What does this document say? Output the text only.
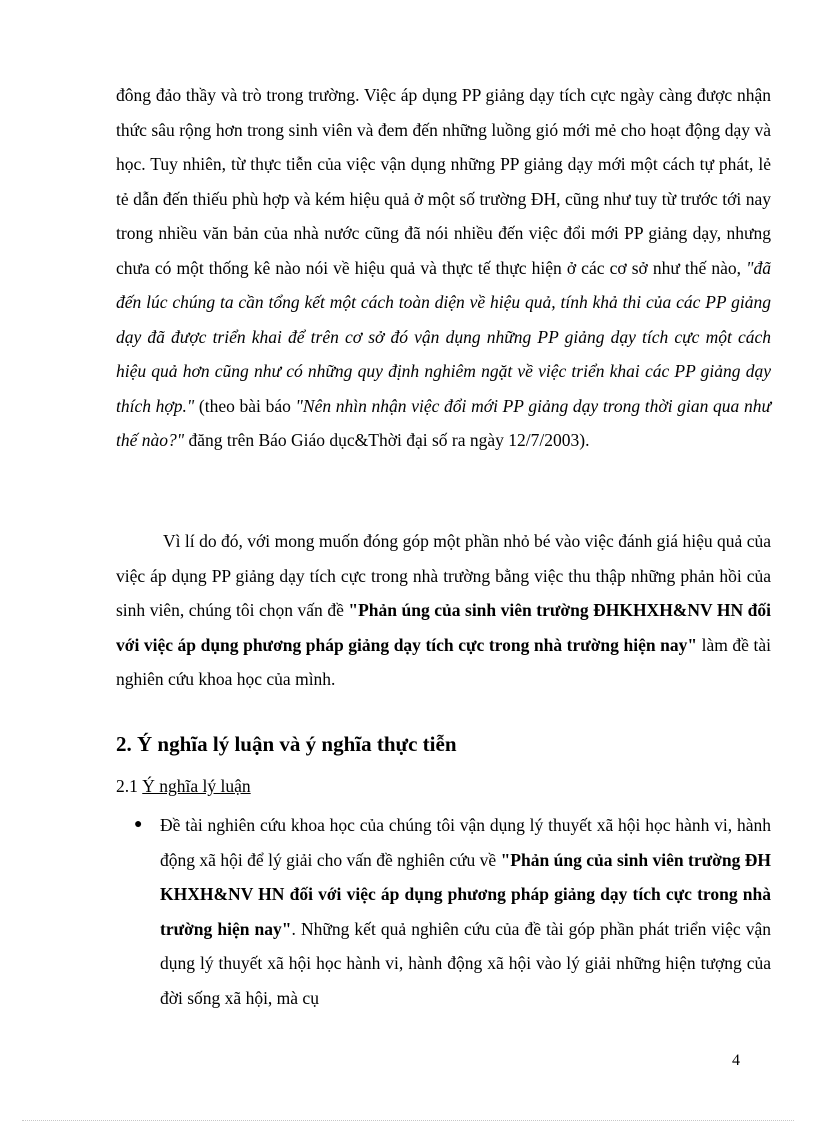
đông đảo thầy và trò trong trường. Việc áp dụng PP giảng dạy tích cực ngày càng được nhận thức sâu rộng hơn trong sinh viên và đem đến những luồng gió mới mẻ cho hoạt động dạy và học. Tuy nhiên, từ thực tiễn của việc vận dụng những PP giảng dạy mới một cách tự phát, lẻ tẻ dẫn đến thiếu phù hợp và kém hiệu quả ở một số trường ĐH, cũng như tuy từ trước tới nay trong nhiều văn bản của nhà nước cũng đã nói nhiều đến việc đổi mới PP giảng dạy, nhưng chưa có một thống kê nào nói về hiệu quả và thực tế thực hiện ở các cơ sở như thế nào, "đã đến lúc chúng ta cần tổng kết một cách toàn diện về hiệu quả, tính khả thi của các PP giảng dạy đã được triển khai để trên cơ sở đó vận dụng những PP giảng dạy tích cực một cách hiệu quả hơn cũng như có những quy định nghiêm ngặt về việc triển khai các PP giảng dạy thích hợp." (theo bài báo "Nên nhìn nhận việc đổi mới PP giảng dạy trong thời gian qua như thế nào?" đăng trên Báo Giáo dục&Thời đại số ra ngày 12/7/2003).
Vì lí do đó, với mong muốn đóng góp một phần nhỏ bé vào việc đánh giá hiệu quả của việc áp dụng PP giảng dạy tích cực trong nhà trường bằng việc thu thập những phản hồi của sinh viên, chúng tôi chọn vấn đề "Phản úng của sinh viên trường ĐHKHXH&NV HN đối với việc áp dụng phương pháp giảng dạy tích cực trong nhà trường hiện nay" làm đề tài nghiên cứu khoa học của mình.
2. Ý nghĩa lý luận và ý nghĩa thực tiễn
2.1 Ý nghĩa lý luận
● Đề tài nghiên cứu khoa học của chúng tôi vận dụng lý thuyết xã hội học hành vi, hành động xã hội để lý giải cho vấn đề nghiên cứu về "Phản úng của sinh viên trường ĐH KHXH&NV HN đối với việc áp dụng phương pháp giảng dạy tích cực trong nhà trường hiện nay". Những kết quả nghiên cứu của đề tài góp phần phát triển việc vận dụng lý thuyết xã hội học hành vi, hành động xã hội vào lý giải những hiện tượng của đời sống xã hội, mà cụ
4
